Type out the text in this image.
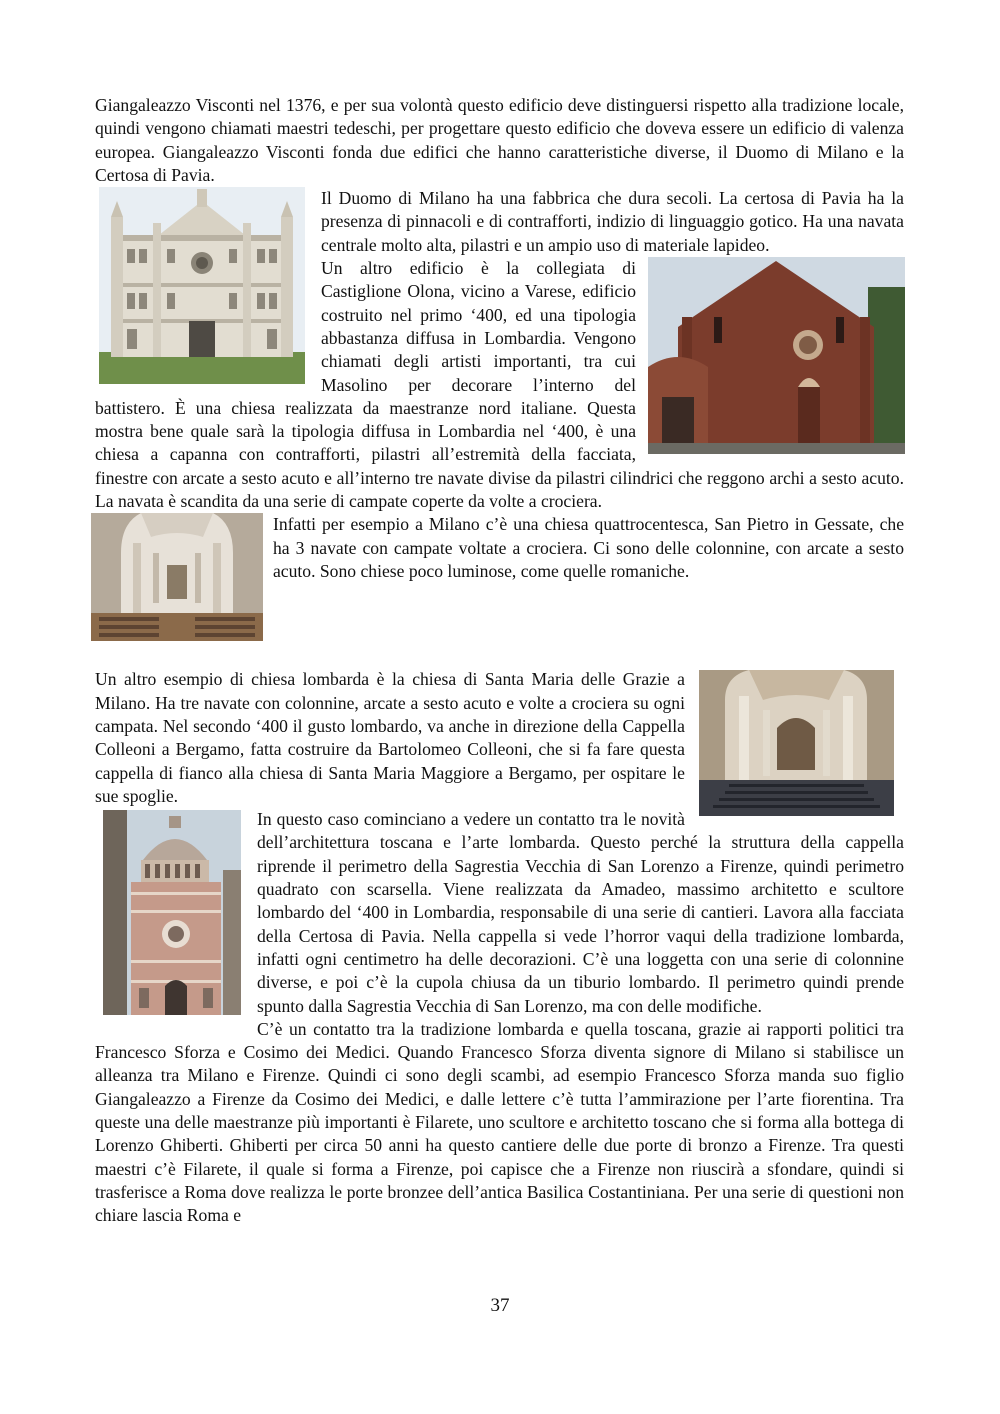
Giangaleazzo Visconti nel 1376, e per sua volontà questo edificio deve distinguersi rispetto alla tradizione locale, quindi vengono chiamati maestri tedeschi, per progettare questo edificio che doveva essere un edificio di valenza europea. Giangaleazzo Visconti fonda due edifici che hanno caratteristiche diverse, il Duomo di Milano e la Certosa di Pavia.

Il Duomo di Milano ha una fabbrica che dura secoli. La certosa di Pavia ha la presenza di pinnacoli e di contrafforti, indizio di linguaggio gotico. Ha una navata centrale molto alta, pilastri e un ampio uso di materiale lapideo.

Un altro edificio è la collegiata di Castiglione Olona, vicino a Varese, edificio costruito nel primo ‘400, ed una tipologia abbastanza diffusa in Lombardia. Vengono chiamati degli artisti importanti, tra cui Masolino per decorare l’interno del battistero. È una chiesa realizzata da maestranze nord italiane. Questa mostra bene quale sarà la tipologia diffusa in Lombardia nel ‘400, è una chiesa a capanna con contrafforti, pilastri all’estremità della facciata, finestre con arcate a sesto acuto e all’interno tre navate divise da pilastri cilindrici che reggono archi a sesto acuto. La navata è scandita da una serie di campate coperte da volte a crociera.

Infatti per esempio a Milano c’è una chiesa quattrocentesca, San Pietro in Gessate, che ha 3 navate con campate voltate a crociera. Ci sono delle colonnine, con arcate a sesto acuto. Sono chiese poco luminose, come quelle romaniche.

Un altro esempio di chiesa lombarda è la chiesa di Santa Maria delle Grazie a Milano. Ha tre navate con colonnine, arcate a sesto acuto e volte a crociera su ogni campata. Nel secondo ‘400 il gusto lombardo, va anche in direzione della Cappella Colleoni a Bergamo, fatta costruire da Bartolomeo Colleoni, che si fa fare questa cappella di fianco alla chiesa di Santa Maria Maggiore a Bergamo, per ospitare le sue spoglie.

In questo caso cominciano a vedere un contatto tra le novità dell’architettura toscana e l’arte lombarda. Questo perché la struttura della cappella riprende il perimetro della Sagrestia Vecchia di San Lorenzo a Firenze, quindi perimetro quadrato con scarsella. Viene realizzata da Amadeo, massimo architetto e scultore lombardo del ‘400 in Lombardia, responsabile di una serie di cantieri. Lavora alla facciata della Certosa di Pavia. Nella cappella si vede l’horror vaqui della tradizione lombarda, infatti ogni centimetro ha delle decorazioni. C’è una loggetta con una serie di colonnine diverse, e poi c’è la cupola chiusa da un tiburio lombardo. Il perimetro quindi prende spunto dalla Sagrestia Vecchia di San Lorenzo, ma con delle modifiche.

C’è un contatto tra la tradizione lombarda e quella toscana, grazie ai rapporti politici tra Francesco Sforza e Cosimo dei Medici. Quando Francesco Sforza diventa signore di Milano si stabilisce un alleanza tra Milano e Firenze. Quindi ci sono degli scambi, ad esempio Francesco Sforza manda suo figlio Giangaleazzo a Firenze da Cosimo dei Medici, e dalle lettere c’è tutta l’ammirazione per l’arte fiorentina. Tra queste una delle maestranze più importanti è Filarete, uno scultore e architetto toscano che si forma alla bottega di Lorenzo Ghiberti. Ghiberti per circa 50 anni ha questo cantiere delle due porte di bronzo a Firenze. Tra questi maestri c’è Filarete, il quale si forma a Firenze, poi capisce che a Firenze non riuscirà a sfondare, quindi si trasferisce a Roma dove realizza le porte bronzee dell’antica Basilica Costantiniana. Per una serie di questioni non chiare lascia Roma e

37
